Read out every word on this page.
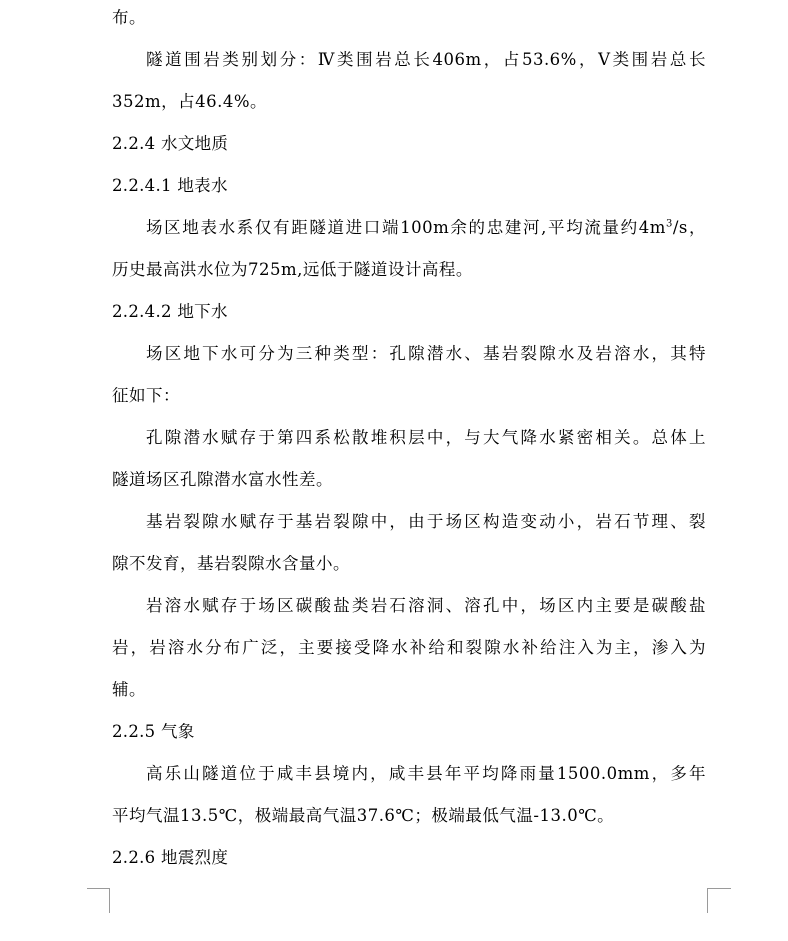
布。
隧道围岩类别划分：Ⅳ类围岩总长406m，占53.6%，Ⅴ类围岩总长
352m，占46.4%。
2.2.4 水文地质
2.2.4.1 地表水
场区地表水系仅有距隧道进口端100m余的忠建河,平均流量约$4m^3/s$，
历史最高洪水位为725m,远低于隧道设计高程。
2.2.4.2 地下水
场区地下水可分为三种类型：孔隙潜水、基岩裂隙水及岩溶水，其特
征如下：
孔隙潜水赋存于第四系松散堆积层中，与大气降水紧密相关。总体上
隧道场区孔隙潜水富水性差。
基岩裂隙水赋存于基岩裂隙中，由于场区构造变动小，岩石节理、裂
隙不发育，基岩裂隙水含量小。
岩溶水赋存于场区碳酸盐类岩石溶洞、溶孔中，场区内主要是碳酸盐
岩，岩溶水分布广泛，主要接受降水补给和裂隙水补给注入为主，渗入为
辅。
2.2.5 气象
高乐山隧道位于咸丰县境内，咸丰县年平均降雨量1500.0mm，多年
平均气温13.5℃，极端最高气温37.6℃；极端最低气温-13.0℃。
2.2.6 地震烈度
